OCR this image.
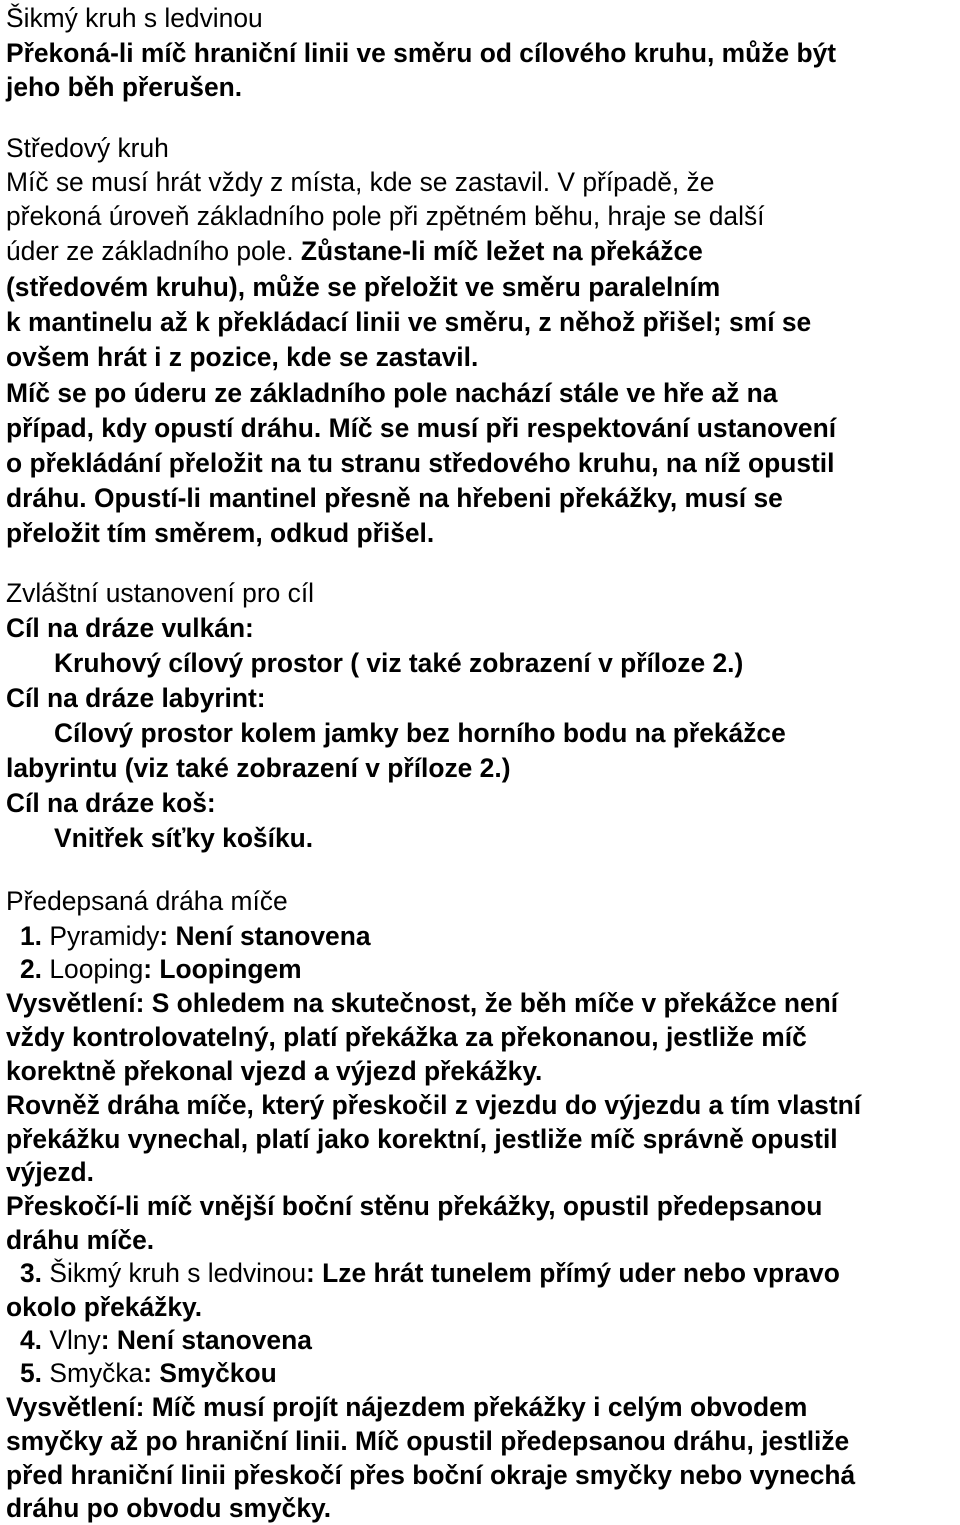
Šikmý kruh s ledvinou
Překoná-li míč hraniční linii ve směru od cílového kruhu, může být
jeho běh přerušen.
Středový kruh
Míč se musí hrát vždy z místa, kde se zastavil. V případě, že
překoná úroveň základního pole při zpětném běhu, hraje se další
úder ze základního pole. Zůstane-li míč ležet na překážce
(středovém kruhu), může se přeložit ve směru paralelním
k mantinelu až k překládací linii ve směru, z něhož přišel; smí se
ovšem hrát i z pozice, kde se zastavil.
Míč se po úderu ze základního pole nachází stále ve hře až na
případ, kdy opustí dráhu. Míč se musí při respektování ustanovení
o překládání přeložit na tu stranu středového kruhu, na níž opustil
dráhu. Opustí-li mantinel přesně na hřebeni překážky, musí se
přeložit tím směrem, odkud přišel.
Zvláštní ustanovení pro cíl
Cíl na dráze vulkán:
Kruhový cílový prostor ( viz také zobrazení v příloze 2.)
Cíl na dráze labyrint:
Cílový prostor kolem jamky bez horního bodu na překážce
labyrintu (viz také zobrazení v příloze 2.)
Cíl na dráze koš:
Vnitřek síťky košíku.
Předepsaná dráha míče
1. Pyramidy: Není stanovena
2. Looping: Loopingem
Vysvětlení: S ohledem na skutečnost, že běh míče v překážce není
vždy kontrolovatelný, platí překážka za překonanou, jestliže míč
korektně překonal vjezd a výjezd překážky.
Rovněž dráha míče, který přeskočil z vjezdu do výjezdu a tím vlastní
překážku vynechal, platí jako korektní, jestliže míč správně opustil
výjezd.
Přeskočí-li míč vnější boční stěnu překážky, opustil předepsanou
dráhu míče.
3. Šikmý kruh s ledvinou: Lze hrát tunelem přímý uder nebo vpravo
okolo překážky.
4. Vlny: Není stanovena
5. Smyčka: Smyčkou
Vysvětlení: Míč musí projít nájezdem překážky i celým obvodem
smyčky až po hraniční linii. Míč opustil předepsanou dráhu, jestliže
před hraniční linii přeskočí přes boční okraje smyčky nebo vynechá
dráhu po obvodu smyčky.
